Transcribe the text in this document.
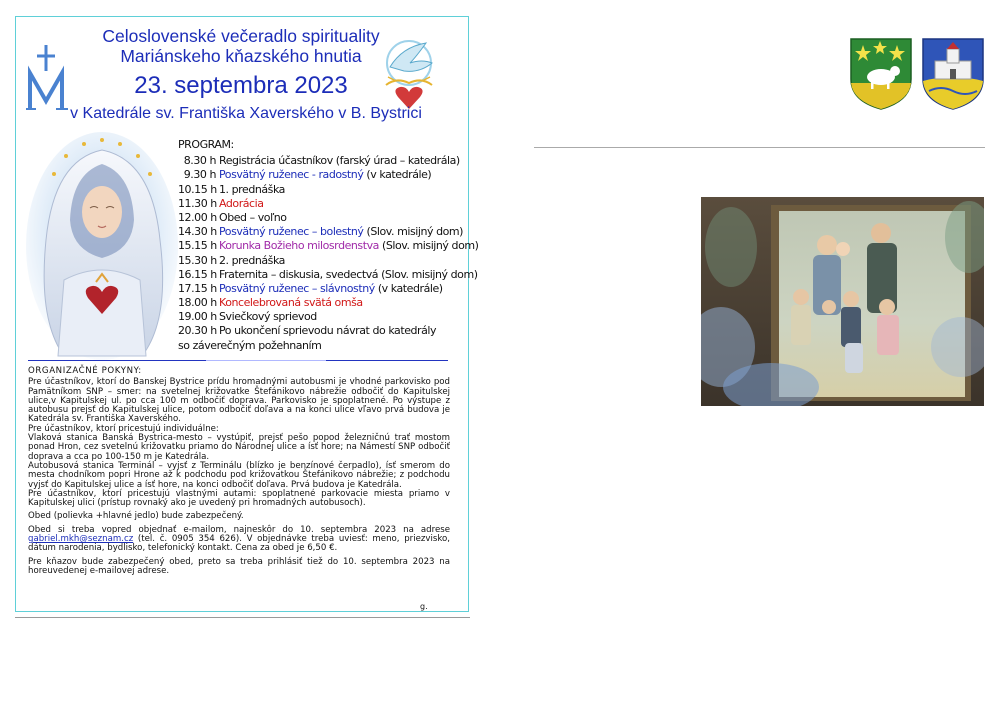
Celoslovenské večeradlo spirituality
Mariánskeho kňazského hnutia
23. septembra 2023
v Katedrále sv. Františka Xaverského v B. Bystrici
PROGRAM:
8.30 h Registrácia účastníkov (farský úrad – katedrála)
9.30 h Posvätný ruženec - radostný (v katedrále)
10.15 h 1. prednáška
11.30 h Adorácia
12.00 h Obed – voľno
14.30 h Posvätný ruženec – bolestný (Slov. misijný dom)
15.15 h Korunka Božieho milosrdenstva (Slov. misijný dom)
15.30 h 2. prednáška
16.15 h Fraternita – diskusia, svedectvá (Slov. misijný dom)
17.15 h Posvätný ruženec – slávnostný (v katedrále)
18.00 h Koncelebrovaná svätá omša
19.00 h Sviečkový sprievod
20.30 h Po ukončení sprievodu návrat do katedrály
so záverečným požehnaním

ORGANIZAČNÉ POKYNY:

Pre účastníkov, ktorí do Banskej Bystrice prídu hromadnými autobusmi je vhodné parkovisko pod Pamätníkom SNP – smer: na svetelnej križovatke Štefánikovo nábrežie odbočiť do Kapitulskej ulice,v Kapitulskej ul. po cca 100 m odbočiť doprava. Parkovisko je spoplatnené. Po výstupe z autobusu prejsť do Kapitulskej ulice, potom odbočiť doľava a na konci ulice vľavo prvá budova je Katedrála sv. Františka Xaverského.

Pre účastníkov, ktorí pricestujú individuálne:

Vlaková stanica Banská Bystrica-mesto – vystúpiť, prejsť pešo popod železničnú trať mostom ponad Hron, cez svetelnú križovatku priamo do Národnej ulice a ísť hore; na Námestí SNP odbočiť doprava a cca po 100-150 m je Katedrála.

Autobusová stanica Terminál – vyjsť z Terminálu (blízko je benzínové čerpadlo), ísť smerom do mesta chodníkom popri Hrone až k podchodu pod križovatkou Štefánikovo nábrežie; z podchodu vyjsť do Kapitulskej ulice a ísť hore, na konci odbočiť doľava. Prvá budova je Katedrála.

Pre účastníkov, ktorí pricestujú vlastnými autami: spoplatnené parkovacie miesta priamo v Kapitulskej ulici (prístup rovnaký ako je uvedený pri hromadných autobusoch).

Obed (polievka +hlavné jedlo) bude zabezpečený.

Obed si treba vopred objednať e-mailom, najneskôr do 10. septembra 2023 na adrese gabriel.mkh@seznam.cz (tel. č. 0905 354 626). V objednávke treba uviesť: meno, priezvisko, dátum narodenia, bydlisko, telefonický kontakt. Cena za obed je 6,50 €.

Pre kňazov bude zabezpečený obed, preto sa treba prihlásiť tiež do 10. septembra 2023 na horeuvedenej e-mailovej adrese.

g.
